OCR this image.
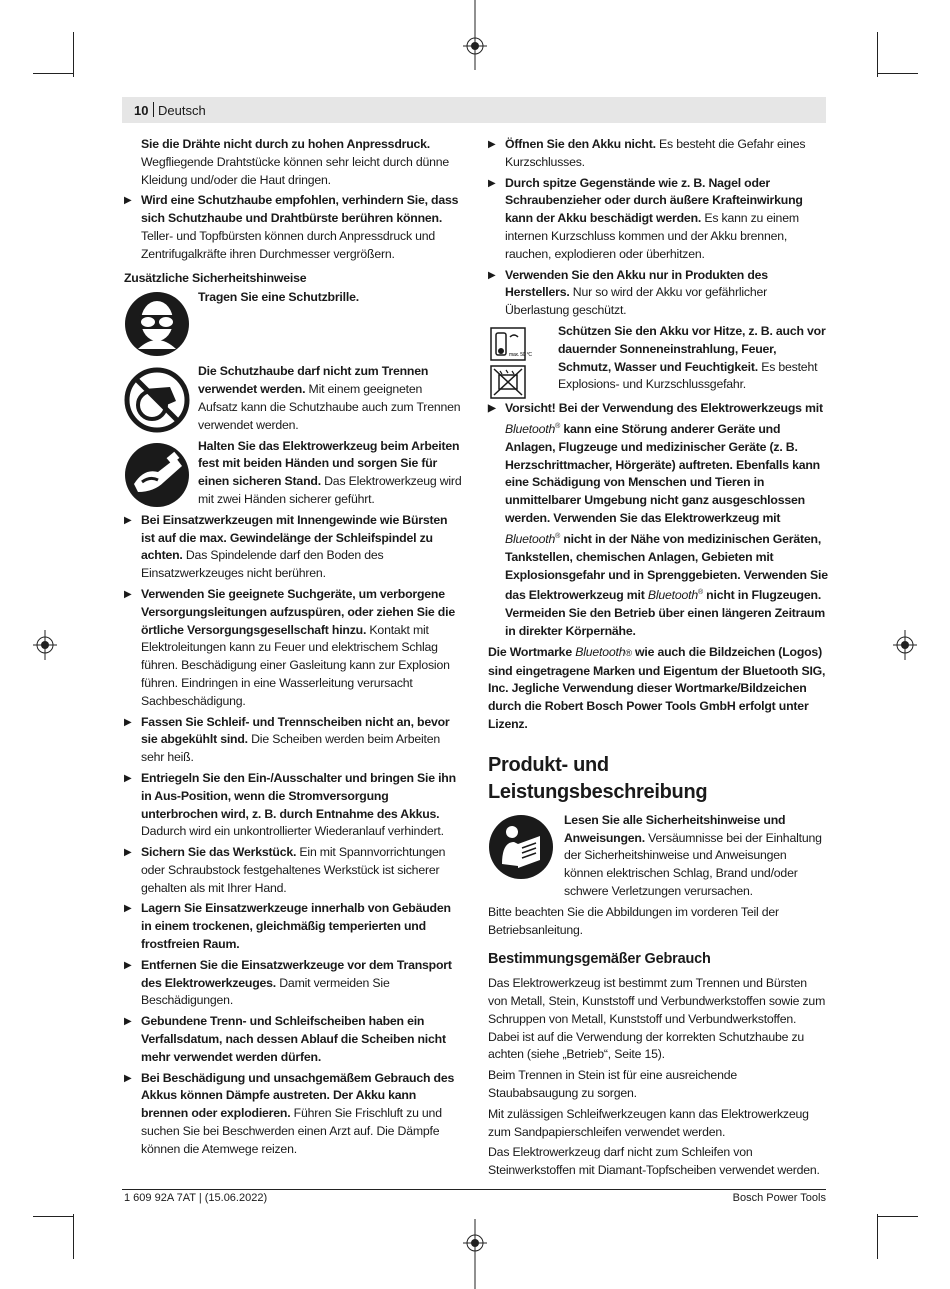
10 Deutsch

Sie die Drähte nicht durch zu hohen Anpressdruck. Wegfliegende Drahtstücke können sehr leicht durch dünne Kleidung und/oder die Haut dringen.

▶ Wird eine Schutzhaube empfohlen, verhindern Sie, dass sich Schutzhaube und Drahtbürste berühren können. Teller- und Topfbürsten können durch Anpressdruck und Zentrifugalkräfte ihren Durchmesser vergrößern.

Zusätzliche Sicherheitshinweise

Tragen Sie eine Schutzbrille.

Die Schutzhaube darf nicht zum Trennen verwendet werden. Mit einem geeigneten Aufsatz kann die Schutzhaube auch zum Trennen verwendet werden.

Halten Sie das Elektrowerkzeug beim Arbeiten fest mit beiden Händen und sorgen Sie für einen sicheren Stand. Das Elektrowerkzeug wird mit zwei Händen sicherer geführt.

▶ Bei Einsatzwerkzeugen mit Innengewinde wie Bürsten ist auf die max. Gewindelänge der Schleifspindel zu achten. Das Spindelende darf den Boden des Einsatzwerkzeuges nicht berühren.

▶ Verwenden Sie geeignete Suchgeräte, um verborgene Versorgungsleitungen aufzuspüren, oder ziehen Sie die örtliche Versorgungsgesellschaft hinzu. Kontakt mit Elektroleitungen kann zu Feuer und elektrischem Schlag führen. Beschädigung einer Gasleitung kann zur Explosion führen. Eindringen in eine Wasserleitung verursacht Sachbeschädigung.

▶ Fassen Sie Schleif- und Trennscheiben nicht an, bevor sie abgekühlt sind. Die Scheiben werden beim Arbeiten sehr heiß.

▶ Entriegeln Sie den Ein-/Ausschalter und bringen Sie ihn in Aus-Position, wenn die Stromversorgung unterbrochen wird, z. B. durch Entnahme des Akkus. Dadurch wird ein unkontrollierter Wiederanlauf verhindert.

▶ Sichern Sie das Werkstück. Ein mit Spannvorrichtungen oder Schraubstock festgehaltenes Werkstück ist sicherer gehalten als mit Ihrer Hand.

▶ Lagern Sie Einsatzwerkzeuge innerhalb von Gebäuden in einem trockenen, gleichmäßig temperierten und frostfreien Raum.

▶ Entfernen Sie die Einsatzwerkzeuge vor dem Transport des Elektrowerkzeuges. Damit vermeiden Sie Beschädigungen.

▶ Gebundene Trenn- und Schleifscheiben haben ein Verfallsdatum, nach dessen Ablauf die Scheiben nicht mehr verwendet werden dürfen.

▶ Bei Beschädigung und unsachgemäßem Gebrauch des Akkus können Dämpfe austreten. Der Akku kann brennen oder explodieren. Führen Sie Frischluft zu und suchen Sie bei Beschwerden einen Arzt auf. Die Dämpfe können die Atemwege reizen.

▶ Öffnen Sie den Akku nicht. Es besteht die Gefahr eines Kurzschlusses.

▶ Durch spitze Gegenstände wie z. B. Nagel oder Schraubenzieher oder durch äußere Krafteinwirkung kann der Akku beschädigt werden. Es kann zu einem internen Kurzschluss kommen und der Akku brennen, rauchen, explodieren oder überhitzen.

▶ Verwenden Sie den Akku nur in Produkten des Herstellers. Nur so wird der Akku vor gefährlicher Überlastung geschützt.

max. 50 °C

Schützen Sie den Akku vor Hitze, z. B. auch vor dauernder Sonneneinstrahlung, Feuer, Schmutz, Wasser und Feuchtigkeit. Es besteht Explosions- und Kurzschlussgefahr.

▶ Vorsicht! Bei der Verwendung des Elektrowerkzeugs mit Bluetooth® kann eine Störung anderer Geräte und Anlagen, Flugzeuge und medizinischer Geräte (z. B. Herzschrittmacher, Hörgeräte) auftreten. Ebenfalls kann eine Schädigung von Menschen und Tieren in unmittelbarer Umgebung nicht ganz ausgeschlossen werden. Verwenden Sie das Elektrowerkzeug mit Bluetooth® nicht in der Nähe von medizinischen Geräten, Tankstellen, chemischen Anlagen, Gebieten mit Explosionsgefahr und in Sprenggebieten. Verwenden Sie das Elektrowerkzeug mit Bluetooth® nicht in Flugzeugen. Vermeiden Sie den Betrieb über einen längeren Zeitraum in direkter Körpernähe.

Die Wortmarke Bluetooth® wie auch die Bildzeichen (Logos) sind eingetragene Marken und Eigentum der Bluetooth SIG, Inc. Jegliche Verwendung dieser Wortmarke/Bildzeichen durch die Robert Bosch Power Tools GmbH erfolgt unter Lizenz.

Produkt- und
Leistungsbeschreibung

Lesen Sie alle Sicherheitshinweise und Anweisungen. Versäumnisse bei der Einhaltung der Sicherheitshinweise und Anweisungen können elektrischen Schlag, Brand und/oder schwere Verletzungen verursachen.

Bitte beachten Sie die Abbildungen im vorderen Teil der Betriebsanleitung.

Bestimmungsgemäßer Gebrauch

Das Elektrowerkzeug ist bestimmt zum Trennen und Bürsten von Metall, Stein, Kunststoff und Verbundwerkstoffen sowie zum Schruppen von Metall, Kunststoff und Verbundwerkstoffen. Dabei ist auf die Verwendung der korrekten Schutzhaube zu achten (siehe „Betrieb“, Seite 15).

Beim Trennen in Stein ist für eine ausreichende Staubabsaugung zu sorgen.

Mit zulässigen Schleifwerkzeugen kann das Elektrowerkzeug zum Sandpapierschleifen verwendet werden.

Das Elektrowerkzeug darf nicht zum Schleifen von Steinwerkstoffen mit Diamant-Topfscheiben verwendet werden.

1 609 92A 7AT | (15.06.2022)	Bosch Power Tools
